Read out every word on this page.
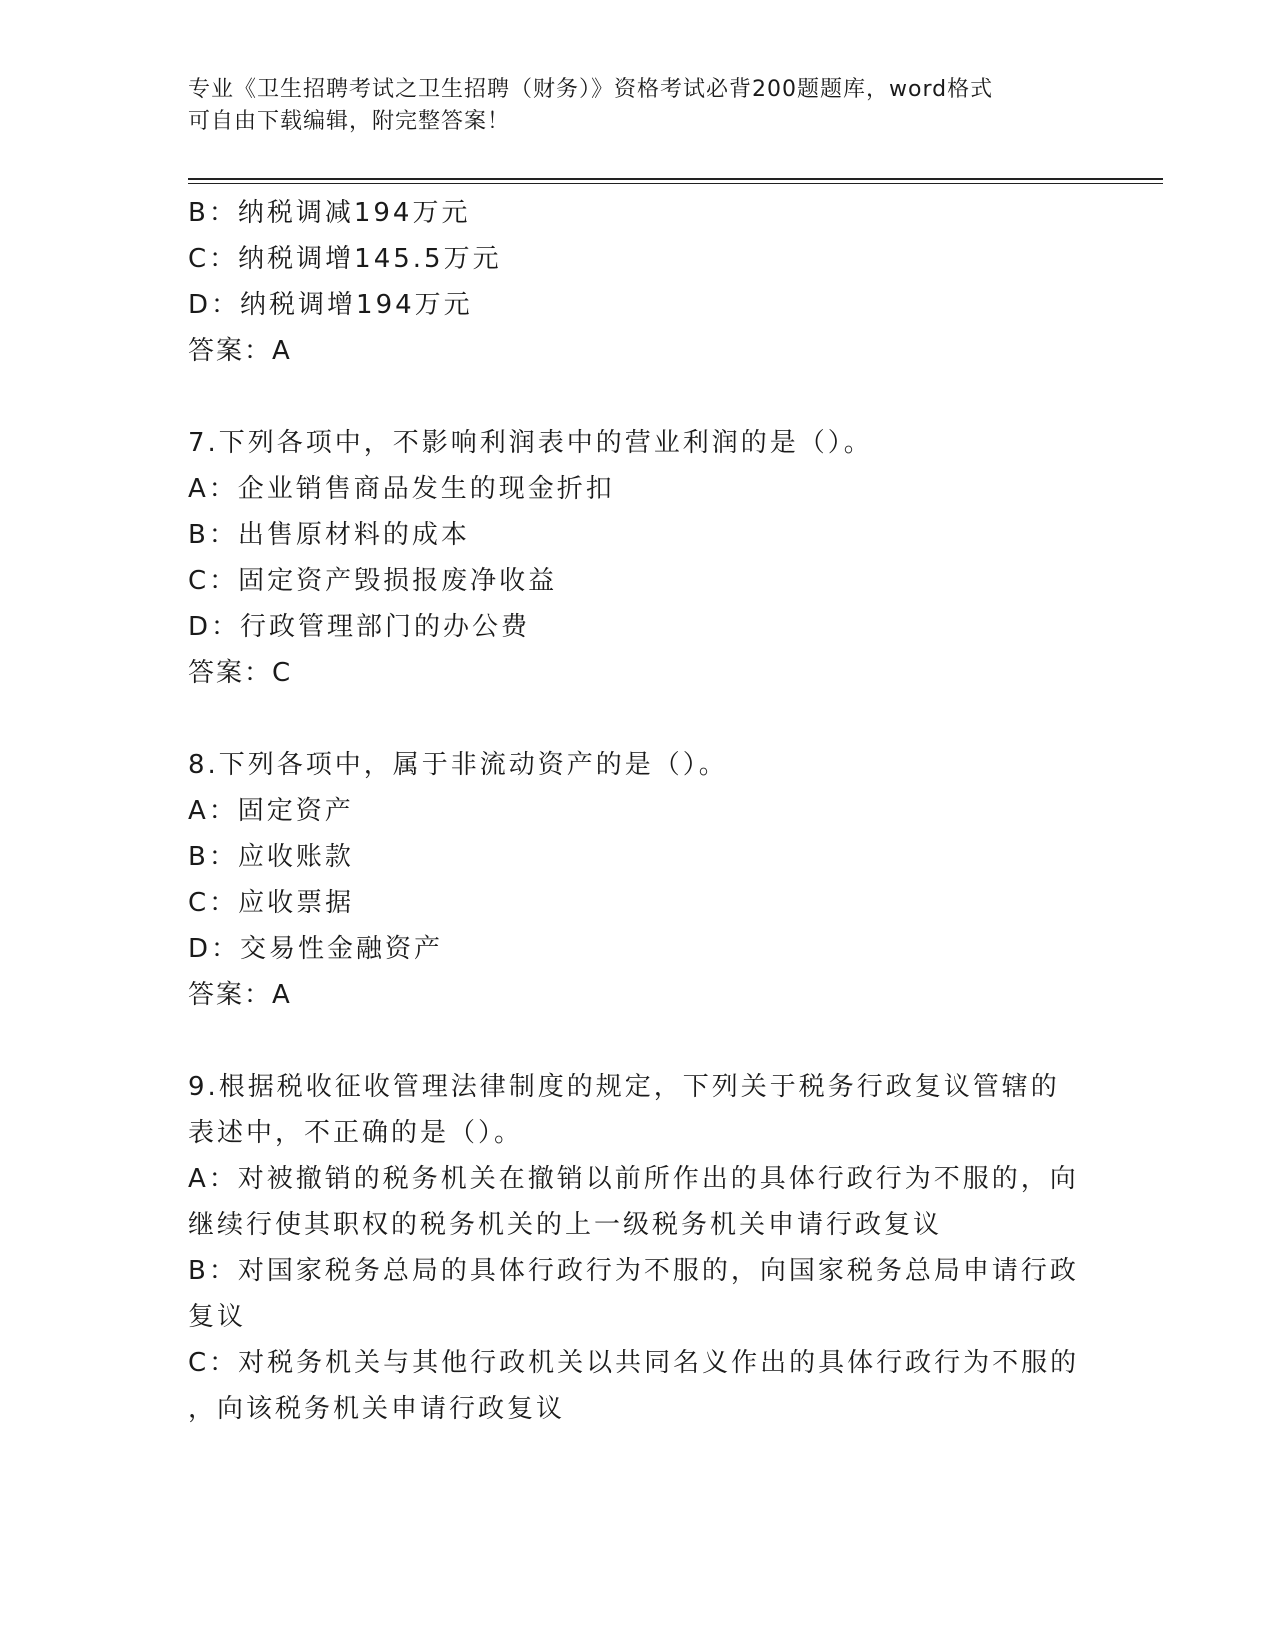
专业《卫生招聘考试之卫生招聘（财务）》资格考试必背200题题库，word格式
可自由下载编辑，附完整答案！
B：纳税调减194万元
C：纳税调增145.5万元
D：纳税调增194万元
答案：A
7.下列各项中，不影响利润表中的营业利润的是（）。
A：企业销售商品发生的现金折扣
B：出售原材料的成本
C：固定资产毁损报废净收益
D：行政管理部门的办公费
答案：C
8.下列各项中，属于非流动资产的是（）。
A：固定资产
B：应收账款
C：应收票据
D：交易性金融资产
答案：A
9.根据税收征收管理法律制度的规定，下列关于税务行政复议管辖的
表述中，不正确的是（）。
A：对被撤销的税务机关在撤销以前所作出的具体行政行为不服的，向
继续行使其职权的税务机关的上一级税务机关申请行政复议
B：对国家税务总局的具体行政行为不服的，向国家税务总局申请行政
复议
C：对税务机关与其他行政机关以共同名义作出的具体行政行为不服的
，向该税务机关申请行政复议
